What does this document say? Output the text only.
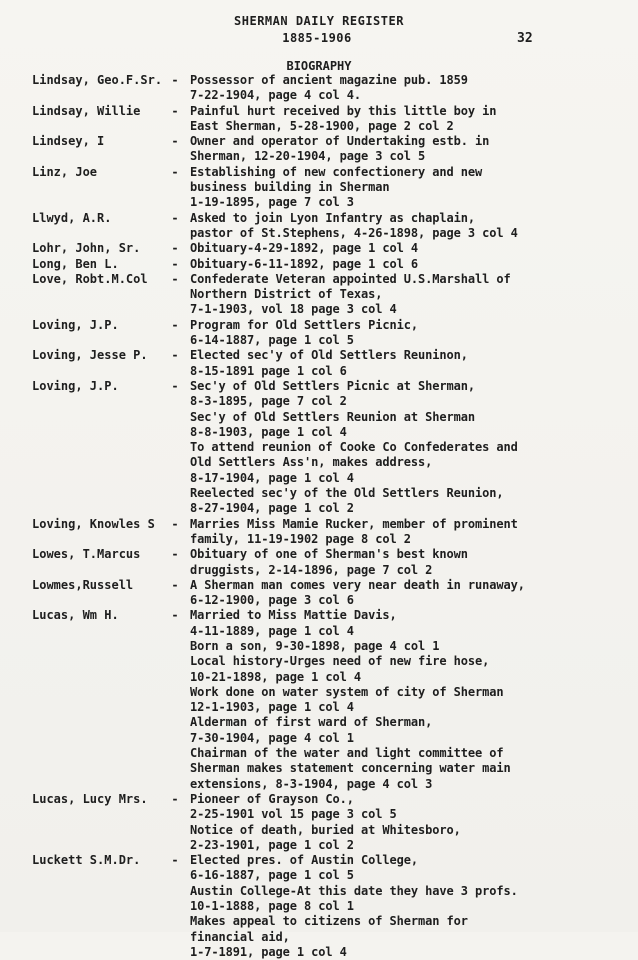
SHERMAN DAILY REGISTER
1885-1906	32
BIOGRAPHY
Lindsay, Geo.F.Sr. - Possessor of ancient magazine pub. 1859
7-22-1904, page 4 col 4.
Lindsay, Willie	- Painful hurt received by this little boy in
East Sherman, 5-28-1900, page 2 col 2
Lindsey, I	- Owner and operator of Undertaking estb. in
Sherman, 12-20-1904, page 3 col 5
Linz, Joe	- Establishing of new confectionery and new
business building in Sherman
1-19-1895, page 7 col 3
Llwyd, A.R.	- Asked to join Lyon Infantry as chaplain,
pastor of St.Stephens, 4-26-1898, page 3 col 4
Lohr, John, Sr.	- Obituary-4-29-1892, page 1 col 4
Long, Ben L.	- Obituary-6-11-1892, page 1 col 6
Love, Robt.M.Col	- Confederate Veteran appointed U.S.Marshall of
Northern District of Texas,
7-1-1903, vol 18 page 3 col 4
Loving, J.P.	- Program for Old Settlers Picnic,
6-14-1887, page 1 col 5
Loving, Jesse P.	- Elected sec'y of Old Settlers Reuninon,
8-15-1891 page 1 col 6
Loving, J.P.	- Sec'y of Old Settlers Picnic at Sherman,
8-3-1895, page 7 col 2
Sec'y of Old Settlers Reunion at Sherman
8-8-1903, page 1 col 4
To attend reunion of Cooke Co Confederates and
Old Settlers Ass'n, makes address,
8-17-1904, page 1 col 4
Reelected sec'y of the Old Settlers Reunion,
8-27-1904, page 1 col 2
Loving, Knowles S	- Marries Miss Mamie Rucker, member of prominent
family, 11-19-1902 page 8 col 2
Lowes, T.Marcus	- Obituary of one of Sherman's best known
druggists, 2-14-1896, page 7 col 2
Lowmes,Russell	- A Sherman man comes very near death in runaway,
6-12-1900, page 3 col 6
Lucas, Wm H.	- Married to Miss Mattie Davis,
4-11-1889, page 1 col 4
Born a son, 9-30-1898, page 4 col 1
Local history-Urges need of new fire hose,
10-21-1898, page 1 col 4
Work done on water system of city of Sherman
12-1-1903, page 1 col 4
Alderman of first ward of Sherman,
7-30-1904, page 4 col 1
Chairman of the water and light committee of
Sherman makes statement concerning water main
extensions, 8-3-1904, page 4 col 3
Lucas, Lucy Mrs.	- Pioneer of Grayson Co.,
2-25-1901 vol 15 page 3 col 5
Notice of death, buried at Whitesboro,
2-23-1901, page 1 col 2
Luckett S.M.Dr.	- Elected pres. of Austin College,
6-16-1887, page 1 col 5
Austin College-At this date they have 3 profs.
10-1-1888, page 8 col 1
Makes appeal to citizens of Sherman for
financial aid,
1-7-1891, page 1 col 4
